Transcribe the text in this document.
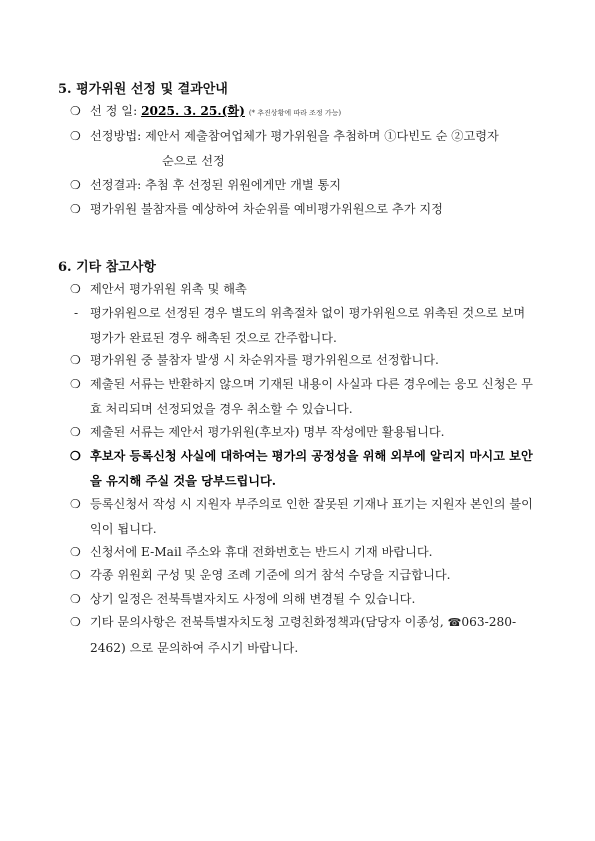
5. 평가위원 선정 및 결과안내
❍ 선 정 일: 2025. 3. 25.(화) (* 추진상황에 따라 조정 가능)
❍ 선정방법: 제안서 제출참여업체가 평가위원을 추첨하며 ①다빈도 순 ②고령자
순으로 선정
❍ 선정결과: 추첨 후 선정된 위원에게만 개별 통지
❍ 평가위원 불참자를 예상하여 차순위를 예비평가위원으로 추가 지정
6. 기타 참고사항
❍ 제안서 평가위원 위촉 및 해촉
- 평가위원으로 선정된 경우 별도의 위촉절차 없이 평가위원으로 위촉된 것으로 보며 평가가 완료된 경우 해촉된 것으로 간주합니다.
❍ 평가위원 중 불참자 발생 시 차순위자를 평가위원으로 선정합니다.
❍ 제출된 서류는 반환하지 않으며 기재된 내용이 사실과 다른 경우에는 응모 신청은 무효 처리되며 선정되었을 경우 취소할 수 있습니다.
❍ 제출된 서류는 제안서 평가위원(후보자) 명부 작성에만 활용됩니다.
❍ 후보자 등록신청 사실에 대하여는 평가의 공정성을 위해 외부에 알리지 마시고 보안을 유지해 주실 것을 당부드립니다.
❍ 등록신청서 작성 시 지원자 부주의로 인한 잘못된 기재나 표기는 지원자 본인의 불이익이 됩니다.
❍ 신청서에 E-Mail 주소와 휴대 전화번호는 반드시 기재 바랍니다.
❍ 각종 위원회 구성 및 운영 조례 기준에 의거 참석 수당을 지급합니다.
❍ 상기 일정은 전북특별자치도 사정에 의해 변경될 수 있습니다.
❍ 기타 문의사항은 전북특별자치도청 고령친화정책과(담당자 이종성, ☎063-280-2462) 으로 문의하여 주시기 바랍니다.
